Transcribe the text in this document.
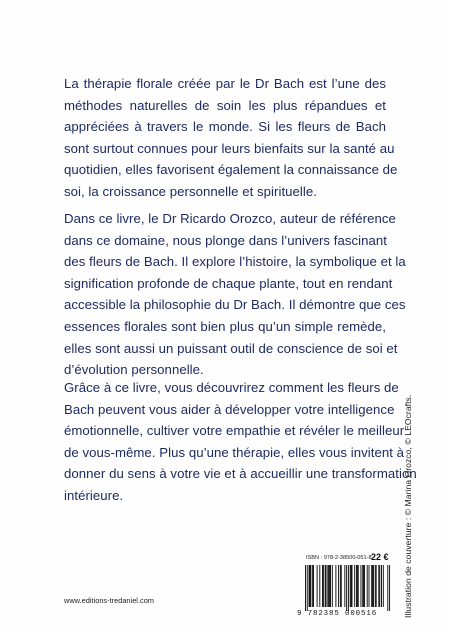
La thérapie florale créée par le Dr Bach est l’une des
méthodes naturelles de soin les plus répandues et
appréciées à travers le monde. Si les fleurs de Bach
sont surtout connues pour leurs bienfaits sur la santé au
quotidien, elles favorisent également la connaissance de
soi, la croissance personnelle et spirituelle.

Dans ce livre, le Dr Ricardo Orozco, auteur de référence
dans ce domaine, nous plonge dans l’univers fascinant
des fleurs de Bach. Il explore l’histoire, la symbolique et la
signification profonde de chaque plante, tout en rendant
accessible la philosophie du Dr Bach. Il démontre que ces
essences florales sont bien plus qu’un simple remède,
elles sont aussi un puissant outil de conscience de soi et
d’évolution personnelle.

Grâce à ce livre, vous découvrirez comment les fleurs de
Bach peuvent vous aider à développer votre intelligence
émotionnelle, cultiver votre empathie et révéler le meilleur
de vous-même. Plus qu’une thérapie, elles vous invitent à
donner du sens à votre vie et à accueillir une transformation
intérieure.	Illustration de couverture : © Marina Orozco, © LEOcrafts.
ISBN : 978-2-38500-051-8 22 €
9 782385 000516
www.editions-tredaniel.com
